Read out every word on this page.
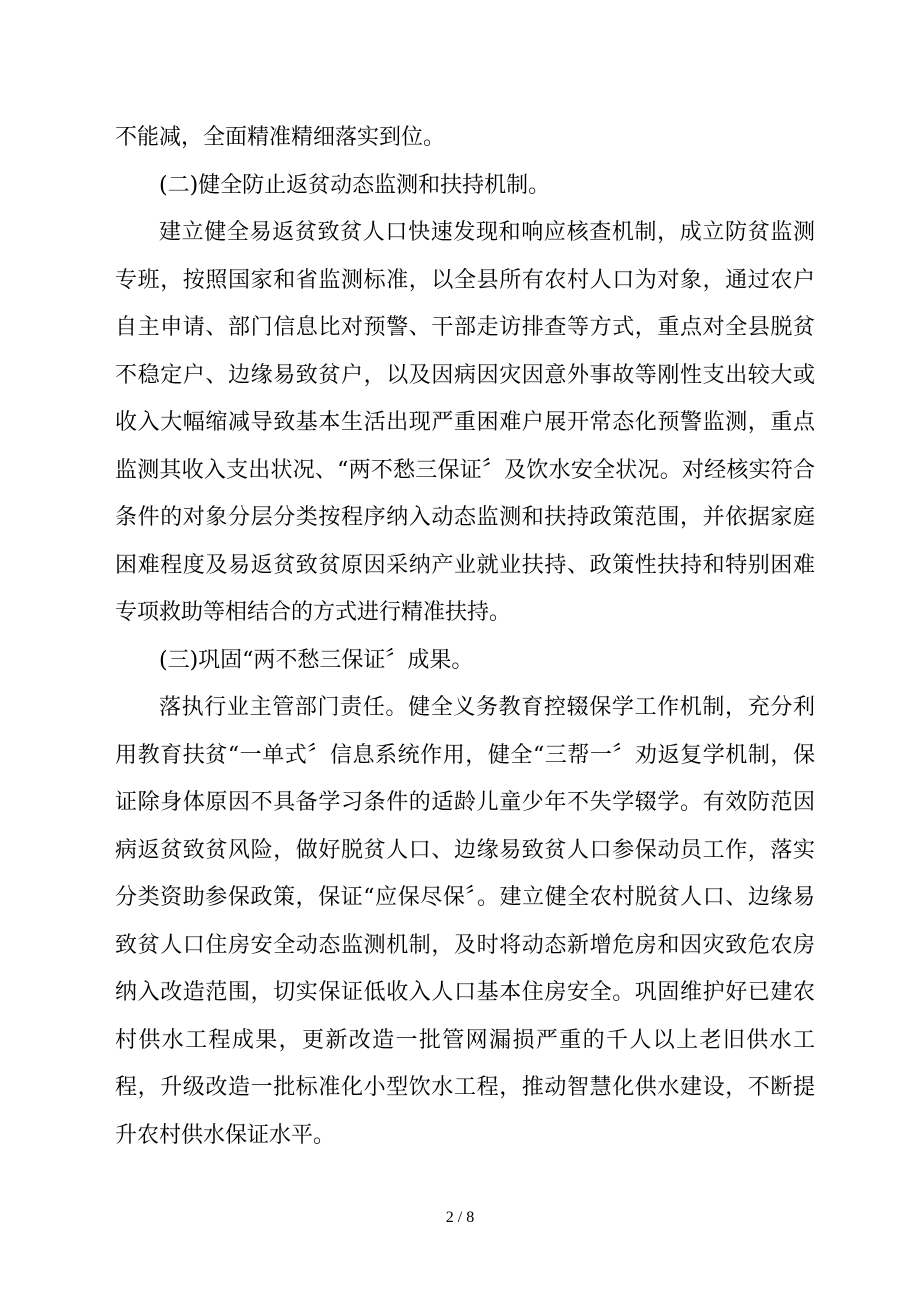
不能减，全面精准精细落实到位。

(二)健全防止返贫动态监测和扶持机制。

建立健全易返贫致贫人口快速发现和响应核查机制，成立防贫监测专班，按照国家和省监测标准，以全县所有农村人口为对象，通过农户自主申请、部门信息比对预警、干部走访排查等方式，重点对全县脱贫不稳定户、边缘易致贫户，以及因病因灾因意外事故等刚性支出较大或收入大幅缩减导致基本生活出现严重困难户展开常态化预警监测，重点监测其收入支出状况、“两不愁三保证〞及饮水安全状况。对经核实符合条件的对象分层分类按程序纳入动态监测和扶持政策范围，并依据家庭困难程度及易返贫致贫原因采纳产业就业扶持、政策性扶持和特别困难专项救助等相结合的方式进行精准扶持。

(三)巩固“两不愁三保证〞成果。

落执行业主管部门责任。健全义务教育控辍保学工作机制，充分利用教育扶贫“一单式〞信息系统作用，健全“三帮一〞劝返复学机制，保证除身体原因不具备学习条件的适龄儿童少年不失学辍学。有效防范因病返贫致贫风险，做好脱贫人口、边缘易致贫人口参保动员工作，落实分类资助参保政策，保证“应保尽保〞。建立健全农村脱贫人口、边缘易致贫人口住房安全动态监测机制，及时将动态新增危房和因灾致危农房纳入改造范围，切实保证低收入人口基本住房安全。巩固维护好已建农村供水工程成果，更新改造一批管网漏损严重的千人以上老旧供水工程，升级改造一批标准化小型饮水工程，推动智慧化供水建设，不断提升农村供水保证水平。

2 / 8
